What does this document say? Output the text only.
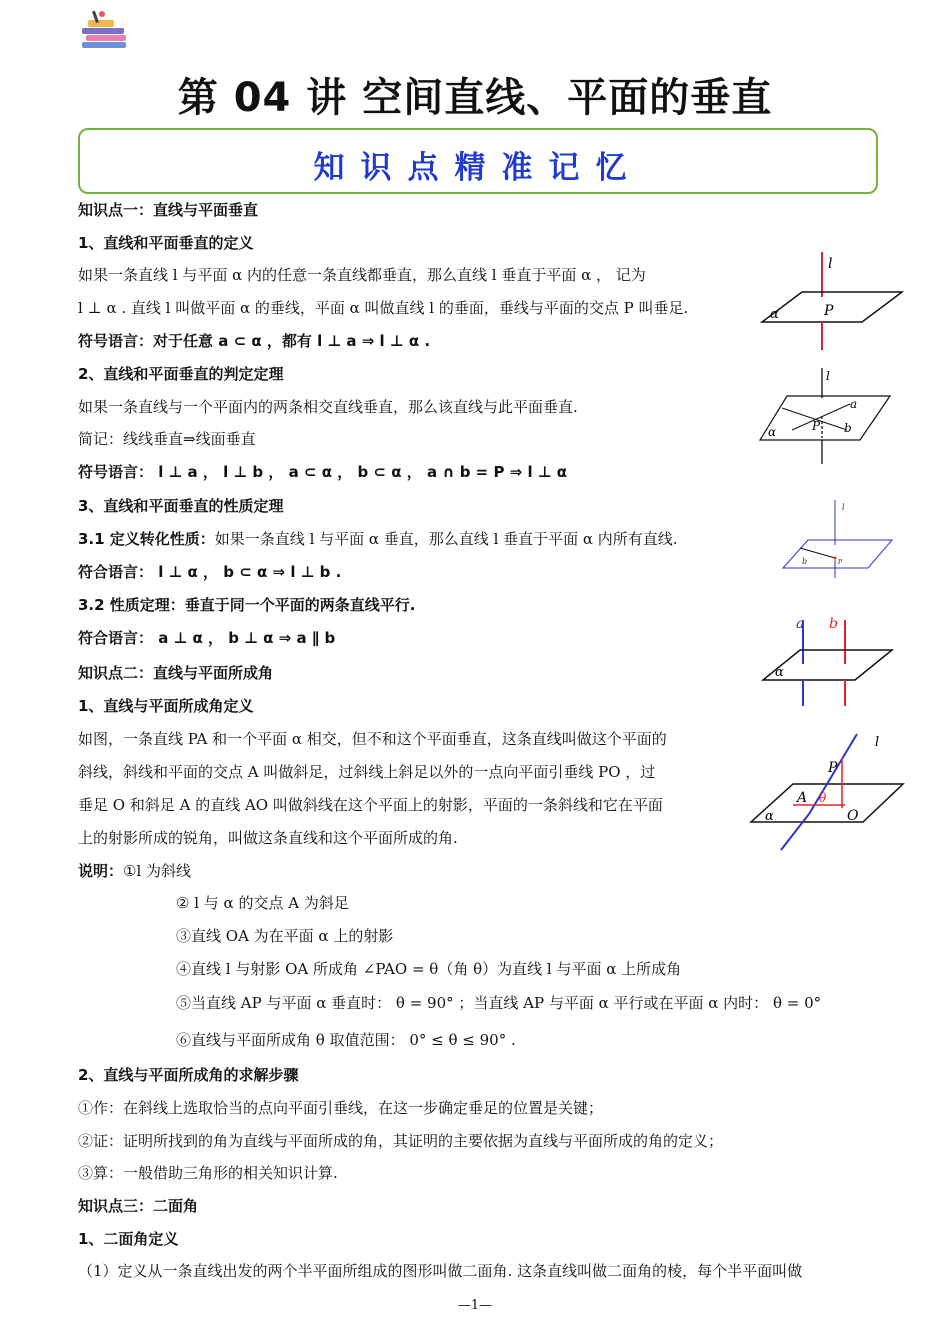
第 04 讲 空间直线、平面的垂直
知识点精准记忆
知识点一：直线与平面垂直
1、直线和平面垂直的定义
如果一条直线 l 与平面 α 内的任意一条直线都垂直，那么直线 l 垂直于平面 α ， 记为
l ⊥ α . 直线 l 叫做平面 α 的垂线，平面 α 叫做直线 l 的垂面，垂线与平面的交点 P 叫垂足.
符号语言：对于任意 a ⊂ α ，都有 l ⊥ a ⇒ l ⊥ α .
2、直线和平面垂直的判定定理
如果一条直线与一个平面内的两条相交直线垂直，那么该直线与此平面垂直.
简记：线线垂直⇒线面垂直
符号语言： l ⊥ a ， l ⊥ b ， a ⊂ α ， b ⊂ α ， a ∩ b = P ⇒ l ⊥ α
3、直线和平面垂直的性质定理
3.1 定义转化性质：如果一条直线 l 与平面 α 垂直，那么直线 l 垂直于平面 α 内所有直线.
符合语言： l ⊥ α ， b ⊂ α ⇒ l ⊥ b .
3.2 性质定理：垂直于同一个平面的两条直线平行.
符合语言： a ⊥ α ， b ⊥ α ⇒ a ∥ b
知识点二：直线与平面所成角
1、直线与平面所成角定义
如图，一条直线 PA 和一个平面 α 相交，但不和这个平面垂直，这条直线叫做这个平面的
斜线，斜线和平面的交点 A 叫做斜足，过斜线上斜足以外的一点向平面引垂线 PO ，过
垂足 O 和斜足 A 的直线 AO 叫做斜线在这个平面上的射影，平面的一条斜线和它在平面
上的射影所成的锐角，叫做这条直线和这个平面所成的角.
说明：①l 为斜线
② l 与 α 的交点 A 为斜足
③直线 OA 为在平面 α 上的射影
④直线 l 与射影 OA 所成角 ∠PAO = θ（角 θ）为直线 l 与平面 α 上所成角
⑤当直线 AP 与平面 α 垂直时： θ = 90° ；当直线 AP 与平面 α 平行或在平面 α 内时： θ = 0°
⑥直线与平面所成角 θ 取值范围： 0° ≤ θ ≤ 90° .
2、直线与平面所成角的求解步骤
①作：在斜线上选取恰当的点向平面引垂线，在这一步确定垂足的位置是关键；
②证：证明所找到的角为直线与平面所成的角，其证明的主要依据为直线与平面所成的角的定义；
③算：一般借助三角形的相关知识计算.
知识点三：二面角
1、二面角定义
（1）定义从一条直线出发的两个半平面所组成的图形叫做二面角. 这条直线叫做二面角的棱，每个半平面叫做
l
P
α
l
P
a
b
α
l
b	P
a b
α
l
P
A θ
O
α
—1—
